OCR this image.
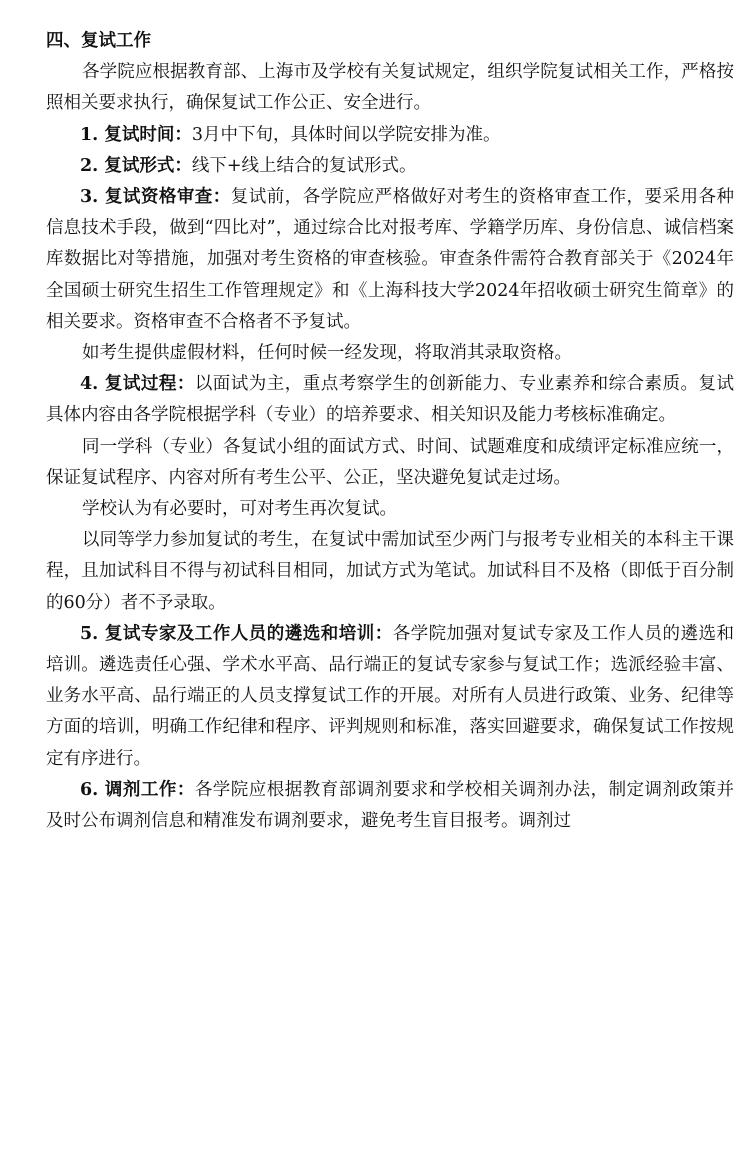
四、复试工作

各学院应根据教育部、上海市及学校有关复试规定，组织学院复试相关工作，严格按照相关要求执行，确保复试工作公正、安全进行。

1. 复试时间：3月中下旬，具体时间以学院安排为准。

2. 复试形式：线下+线上结合的复试形式。

3. 复试资格审查：复试前，各学院应严格做好对考生的资格审查工作，要采用各种信息技术手段，做到“四比对”，通过综合比对报考库、学籍学历库、身份信息、诚信档案库数据比对等措施，加强对考生资格的审查核验。审查条件需符合教育部关于《2024年全国硕士研究生招生工作管理规定》和《上海科技大学2024年招收硕士研究生简章》的相关要求。资格审查不合格者不予复试。

如考生提供虚假材料，任何时候一经发现，将取消其录取资格。

4. 复试过程：以面试为主，重点考察学生的创新能力、专业素养和综合素质。复试具体内容由各学院根据学科（专业）的培养要求、相关知识及能力考核标准确定。

同一学科（专业）各复试小组的面试方式、时间、试题难度和成绩评定标准应统一，保证复试程序、内容对所有考生公平、公正，坚决避免复试走过场。

学校认为有必要时，可对考生再次复试。

以同等学力参加复试的考生，在复试中需加试至少两门与报考专业相关的本科主干课程，且加试科目不得与初试科目相同，加试方式为笔试。加试科目不及格（即低于百分制的60分）者不予录取。

5. 复试专家及工作人员的遴选和培训：各学院加强对复试专家及工作人员的遴选和培训。遴选责任心强、学术水平高、品行端正的复试专家参与复试工作；选派经验丰富、业务水平高、品行端正的人员支撑复试工作的开展。对所有人员进行政策、业务、纪律等方面的培训，明确工作纪律和程序、评判规则和标准，落实回避要求，确保复试工作按规定有序进行。

6. 调剂工作：各学院应根据教育部调剂要求和学校相关调剂办法，制定调剂政策并及时公布调剂信息和精准发布调剂要求，避免考生盲目报考。调剂过
